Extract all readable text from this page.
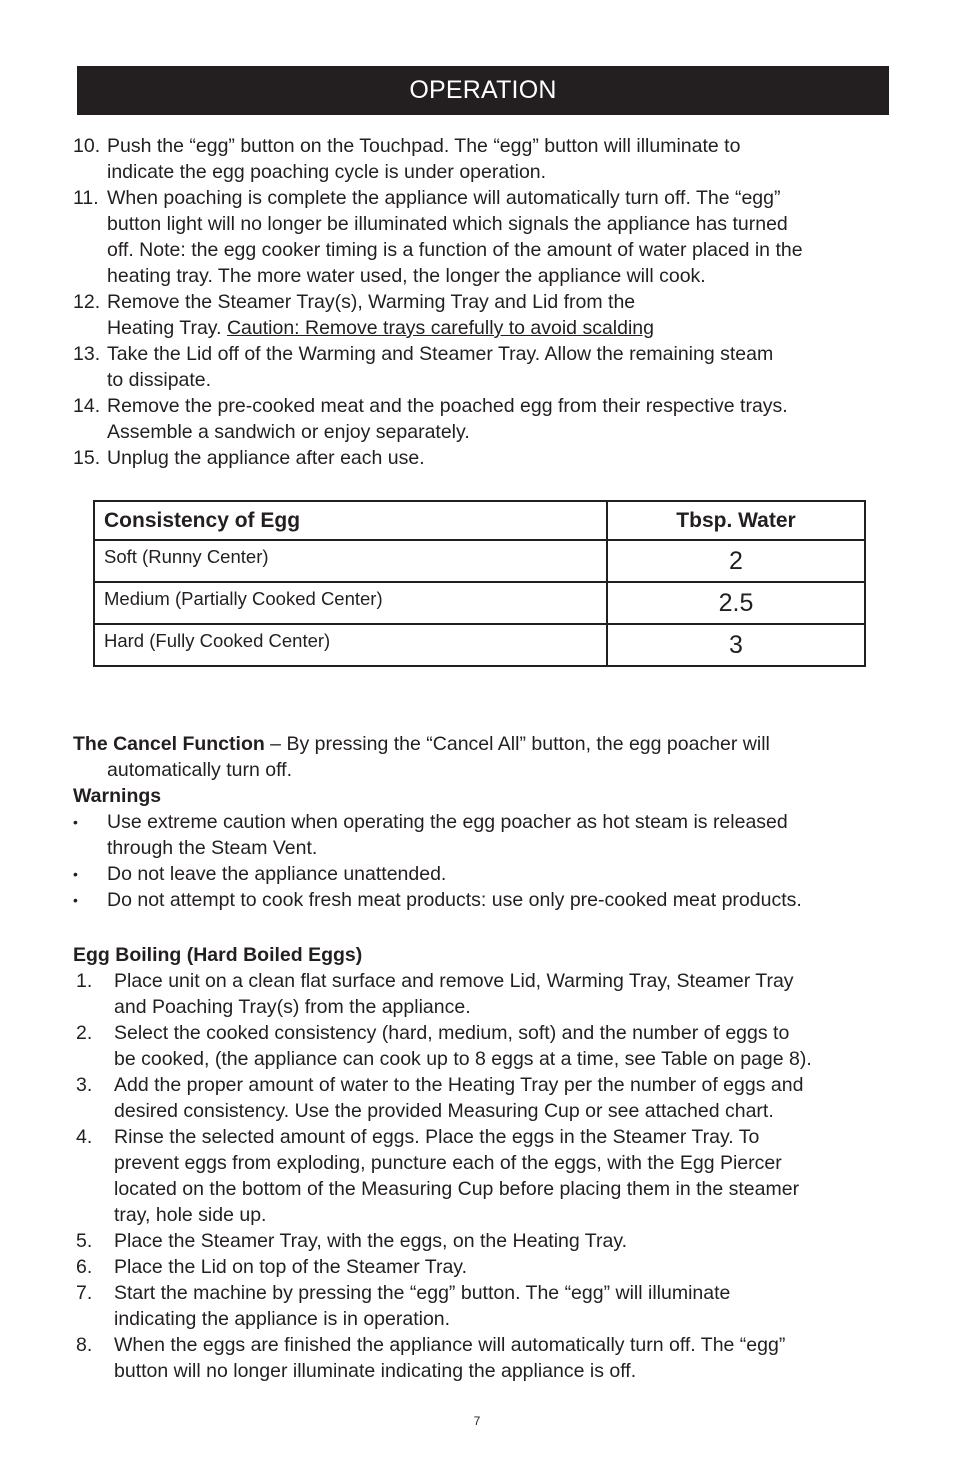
OPERATION
10. Push the “egg” button on the Touchpad. The “egg” button will illuminate to
indicate the egg poaching cycle is under operation.
11. When poaching is complete the appliance will automatically turn off. The “egg”
button light will no longer be illuminated which signals the appliance has turned
off. Note: the egg cooker timing is a function of the amount of water placed in the
heating tray. The more water used, the longer the appliance will cook.
12. Remove the Steamer Tray(s), Warming Tray and Lid from the
Heating Tray. Caution: Remove trays carefully to avoid scalding
13. Take the Lid off of the Warming and Steamer Tray. Allow the remaining steam
to dissipate.
14. Remove the pre-cooked meat and the poached egg from their respective trays.
Assemble a sandwich or enjoy separately.
15. Unplug the appliance after each use.
Consistency of Egg	Tbsp. Water
Soft (Runny Center)	2
Medium (Partially Cooked Center)	2.5
Hard (Fully Cooked Center)	3
The Cancel Function – By pressing the “Cancel All” button, the egg poacher will
automatically turn off.
Warnings
• Use extreme caution when operating the egg poacher as hot steam is released
through the Steam Vent.
• Do not leave the appliance unattended.
• Do not attempt to cook fresh meat products: use only pre-cooked meat products.
Egg Boiling (Hard Boiled Eggs)
1. Place unit on a clean flat surface and remove Lid, Warming Tray, Steamer Tray
and Poaching Tray(s) from the appliance.
2. Select the cooked consistency (hard, medium, soft) and the number of eggs to
be cooked, (the appliance can cook up to 8 eggs at a time, see Table on page 8).
3. Add the proper amount of water to the Heating Tray per the number of eggs and
desired consistency. Use the provided Measuring Cup or see attached chart.
4. Rinse the selected amount of eggs. Place the eggs in the Steamer Tray. To
prevent eggs from exploding, puncture each of the eggs, with the Egg Piercer
located on the bottom of the Measuring Cup before placing them in the steamer
tray, hole side up.
5. Place the Steamer Tray, with the eggs, on the Heating Tray.
6. Place the Lid on top of the Steamer Tray.
7. Start the machine by pressing the “egg” button. The “egg” will illuminate
indicating the appliance is in operation.
8. When the eggs are finished the appliance will automatically turn off. The “egg”
button will no longer illuminate indicating the appliance is off.
7
